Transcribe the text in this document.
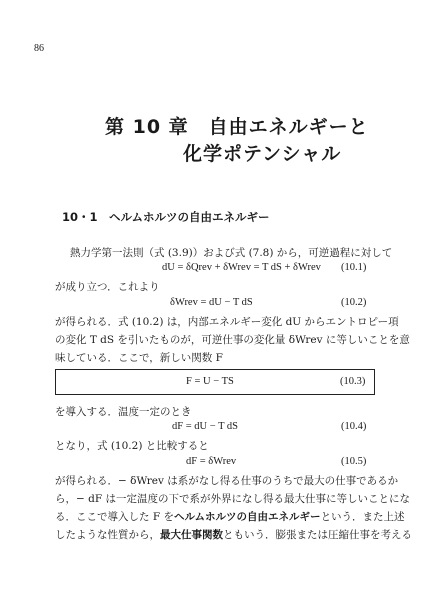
86
第 10 章　自由エネルギーと
化学ポテンシャル
10・1　ヘルムホルツの自由エネルギー
熱力学第一法則（式 (3.9)）および式 (7.8) から，可逆過程に対して
dU = δQrev + δWrev = T dS + δWrev (10.1)
が成り立つ．これより
δWrev = dU − T dS	(10.2)
が得られる．式 (10.2) は，内部エネルギー変化 dU からエントロピー項
の変化 T dS を引いたものが，可逆仕事の変化量 δWrev に等しいことを意
味している．ここで，新しい関数 F
F = U − TS	(10.3)
を導入する．温度一定のとき
dF = dU − T dS	(10.4)
となり，式 (10.2) と比較すると
dF = δWrev	(10.5)
が得られる．− δWrev は系がなし得る仕事のうちで最大の仕事であるか
ら，− dF は一定温度の下で系が外界になし得る最大仕事に等しいことにな
る．ここで導入した F をヘルムホルツの自由エネルギーという．また上述
したような性質から，最大仕事関数ともいう．膨張または圧縮仕事を考える
